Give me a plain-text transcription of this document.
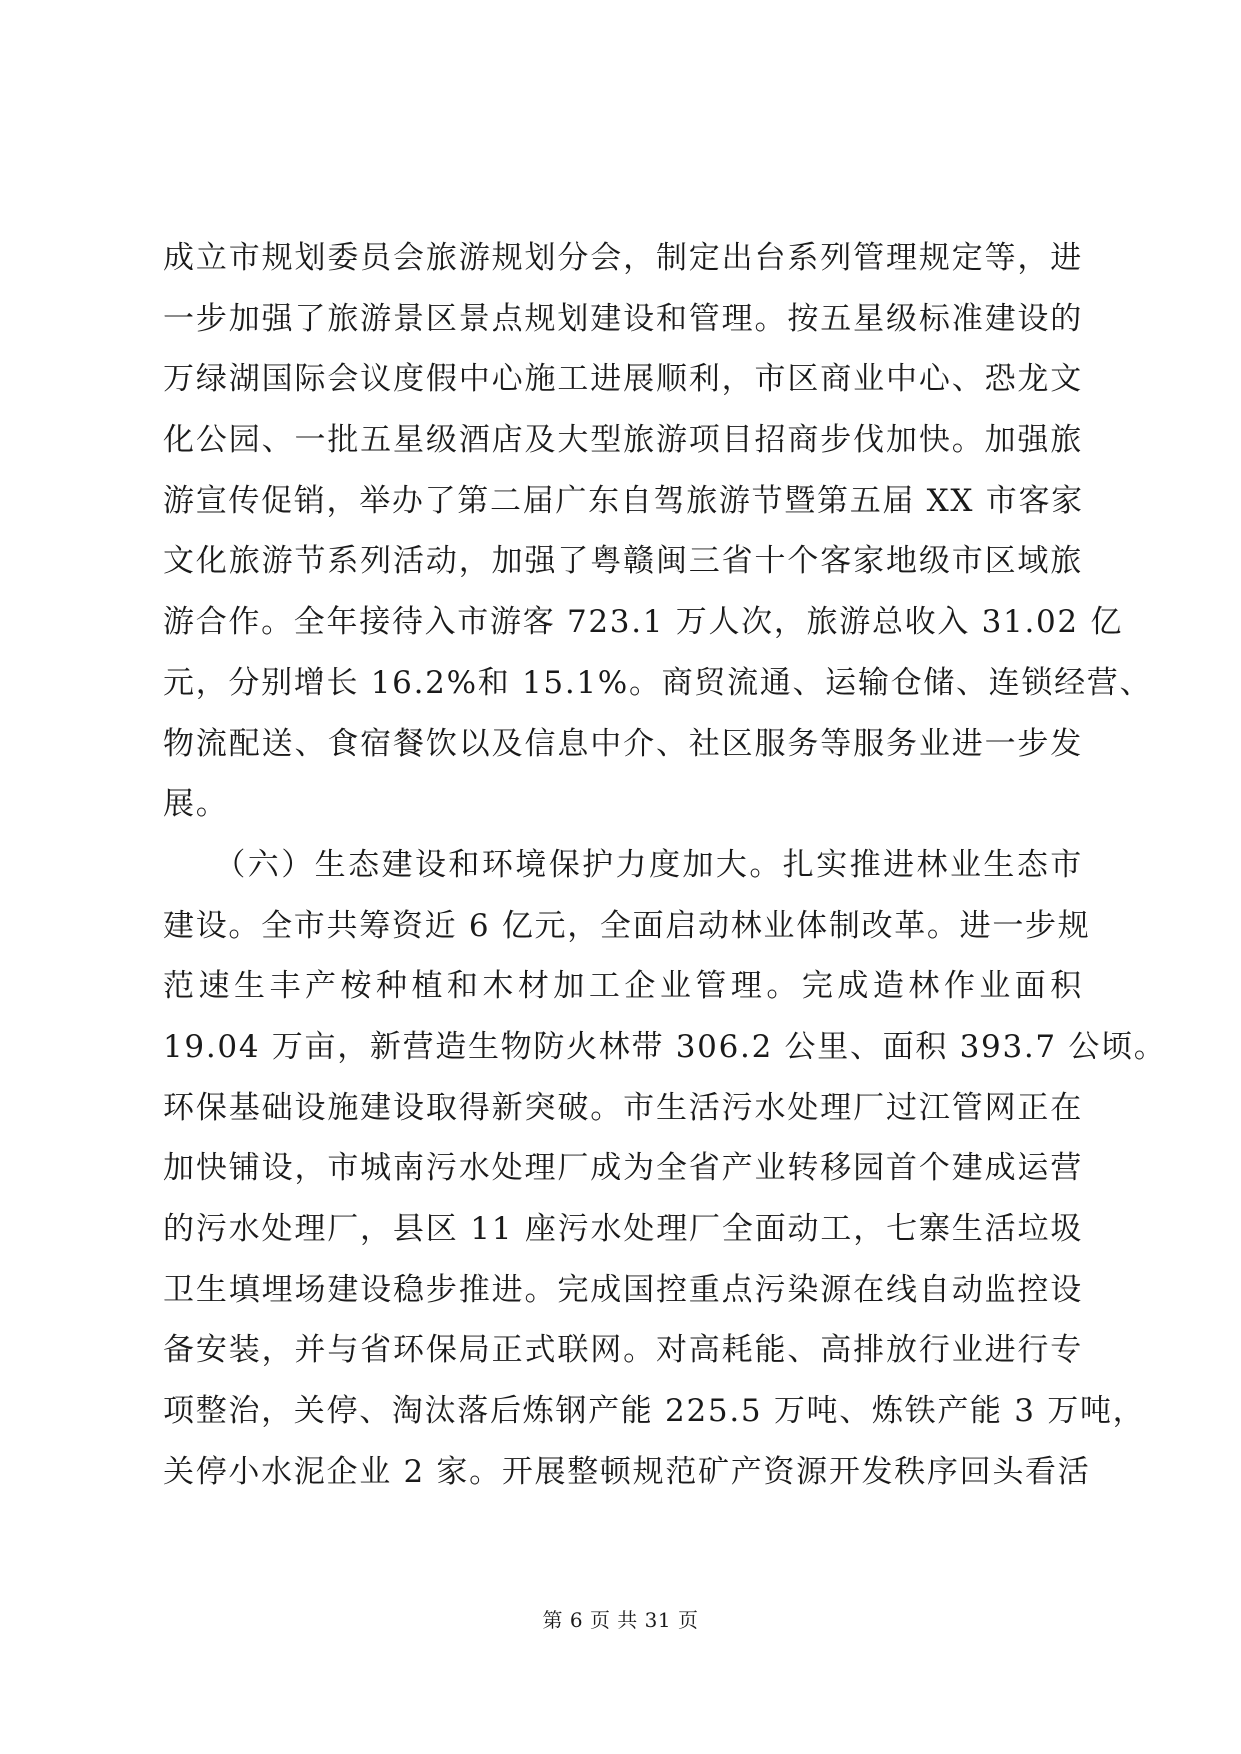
成立市规划委员会旅游规划分会，制定出台系列管理规定等，进
一步加强了旅游景区景点规划建设和管理。按五星级标准建设的
万绿湖国际会议度假中心施工进展顺利，市区商业中心、恐龙文
化公园、一批五星级酒店及大型旅游项目招商步伐加快。加强旅
游宣传促销，举办了第二届广东自驾旅游节暨第五届 XX 市客家
文化旅游节系列活动，加强了粤赣闽三省十个客家地级市区域旅
游合作。全年接待入市游客 723.1 万人次，旅游总收入 31.02 亿
元，分别增长 16.2%和 15.1%。商贸流通、运输仓储、连锁经营、
物流配送、食宿餐饮以及信息中介、社区服务等服务业进一步发
展。
　　（六）生态建设和环境保护力度加大。扎实推进林业生态市
建设。全市共筹资近 6 亿元，全面启动林业体制改革。进一步规
范速生丰产桉种植和木材加工企业管理。完成造林作业面积
19.04 万亩，新营造生物防火林带 306.2 公里、面积 393.7 公顷。
环保基础设施建设取得新突破。市生活污水处理厂过江管网正在
加快铺设，市城南污水处理厂成为全省产业转移园首个建成运营
的污水处理厂，县区 11 座污水处理厂全面动工，七寨生活垃圾
卫生填埋场建设稳步推进。完成国控重点污染源在线自动监控设
备安装，并与省环保局正式联网。对高耗能、高排放行业进行专
项整治，关停、淘汰落后炼钢产能 225.5 万吨、炼铁产能 3 万吨，
关停小水泥企业 2 家。开展整顿规范矿产资源开发秩序回头看活
第 6 页 共 31 页
